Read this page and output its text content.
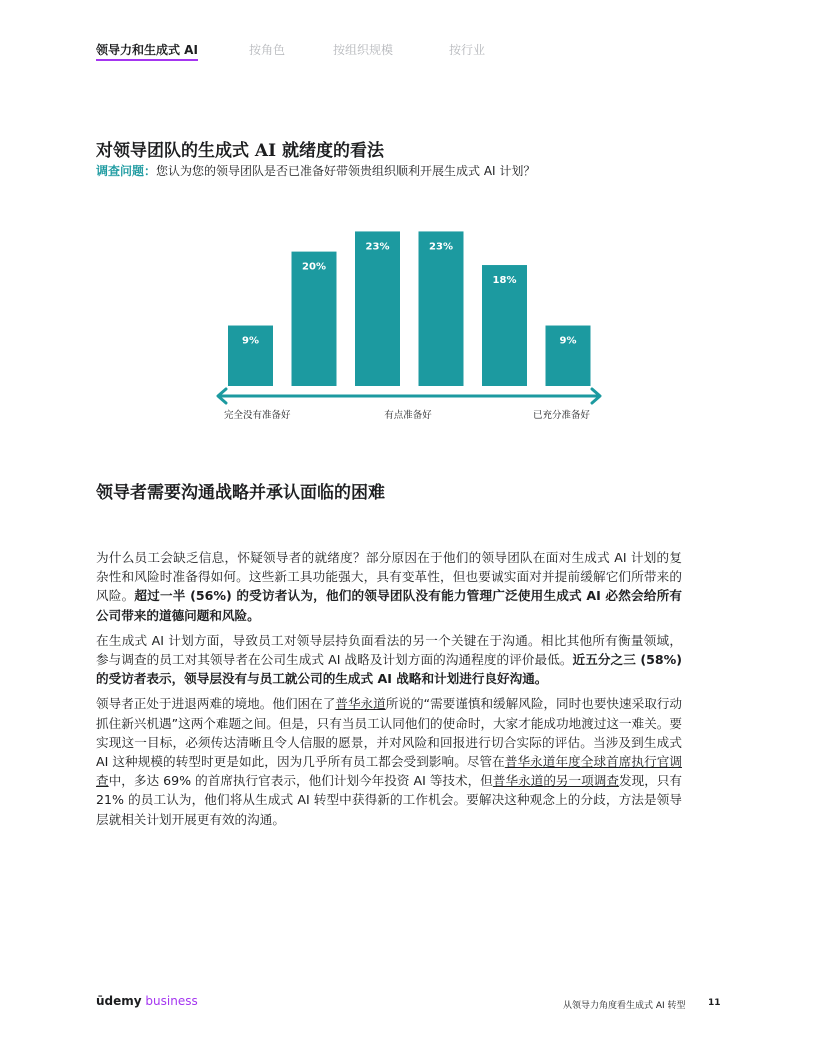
领导力和生成式 AI	按角色	按组织规模	按行业
对领导团队的生成式 AI 就绪度的看法
调查问题：您认为您的领导团队是否已准备好带领贵组织顺利开展生成式 AI 计划？
9%
20%
23%	23%
18%
9%
完全没有准备好	有点准备好	已充分准备好
领导者需要沟通战略并承认面临的困难

为什么员工会缺乏信息，怀疑领导者的就绪度？部分原因在于他们的领导团队在面对生成式 AI 计划的复杂性和风险时准备得如何。这些新工具功能强大，具有变革性，但也要诚实面对并提前缓解它们所带来的风险。超过一半 (56%) 的受访者认为，他们的领导团队没有能力管理广泛使用生成式 AI 必然会给所有公司带来的道德问题和风险。

在生成式 AI 计划方面，导致员工对领导层持负面看法的另一个关键在于沟通。相比其他所有衡量领域，参与调查的员工对其领导者在公司生成式 AI 战略及计划方面的沟通程度的评价最低。近五分之三 (58%) 的受访者表示，领导层没有与员工就公司的生成式 AI 战略和计划进行良好沟通。

领导者正处于进退两难的境地。他们困在了普华永道所说的“需要谨慎和缓解风险，同时也要快速采取行动抓住新兴机遇”这两个难题之间。但是，只有当员工认同他们的使命时，大家才能成功地渡过这一难关。要实现这一目标，必须传达清晰且令人信服的愿景，并对风险和回报进行切合实际的评估。当涉及到生成式 AI 这种规模的转型时更是如此，因为几乎所有员工都会受到影响。尽管在普华永道年度全球首席执行官调查中，多达 69% 的首席执行官表示，他们计划今年投资 AI 等技术，但普华永道的另一项调查发现，只有 21% 的员工认为，他们将从生成式 AI 转型中获得新的工作机会。要解决这种观念上的分歧，方法是领导层就相关计划开展更有效的沟通。

ūdemy business	从领导力角度看生成式 AI 转型 11
